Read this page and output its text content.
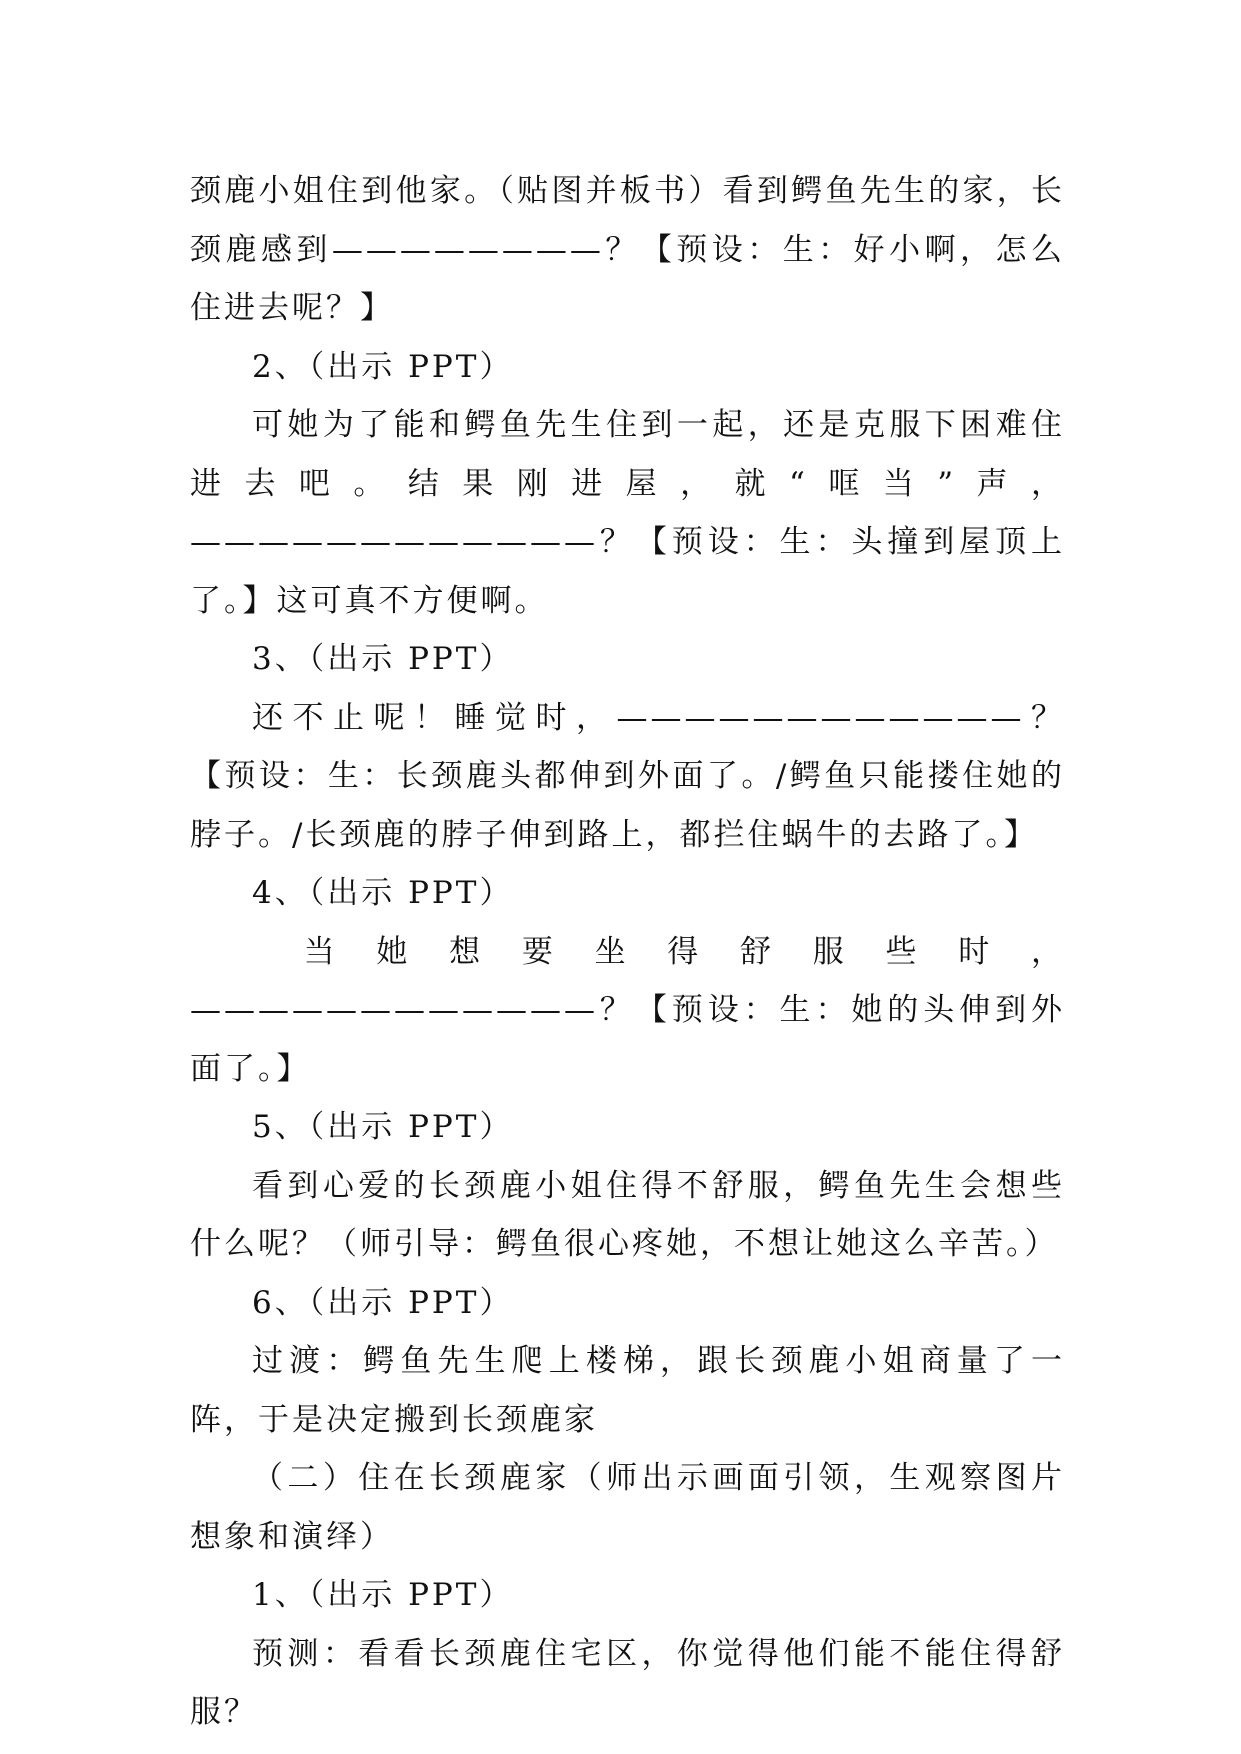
颈鹿小姐住到他家。（贴图并板书）看到鳄鱼先生的家，长颈鹿感到————————？【预设：生：好小啊，怎么住进去呢？】

2、（出示 PPT）

可她为了能和鳄鱼先生住到一起，还是克服下困难住进去吧。结果刚进屋，就“哐当”声，————————————？【预设：生：头撞到屋顶上了。】这可真不方便啊。

3、（出示 PPT）

还不止呢！睡觉时，————————————？【预设：生：长颈鹿头都伸到外面了。/鳄鱼只能搂住她的脖子。/长颈鹿的脖子伸到路上，都拦住蜗牛的去路了。】

4、（出示 PPT）

当她想要坐得舒服些时，————————————？【预设：生：她的头伸到外面了。】

5、（出示 PPT）

看到心爱的长颈鹿小姐住得不舒服，鳄鱼先生会想些什么呢？（师引导：鳄鱼很心疼她，不想让她这么辛苦。）

6、（出示 PPT）

过渡：鳄鱼先生爬上楼梯，跟长颈鹿小姐商量了一阵，于是决定搬到长颈鹿家

（二）住在长颈鹿家（师出示画面引领，生观察图片想象和演绎）

1、（出示 PPT）

预测：看看长颈鹿住宅区，你觉得他们能不能住得舒服？
